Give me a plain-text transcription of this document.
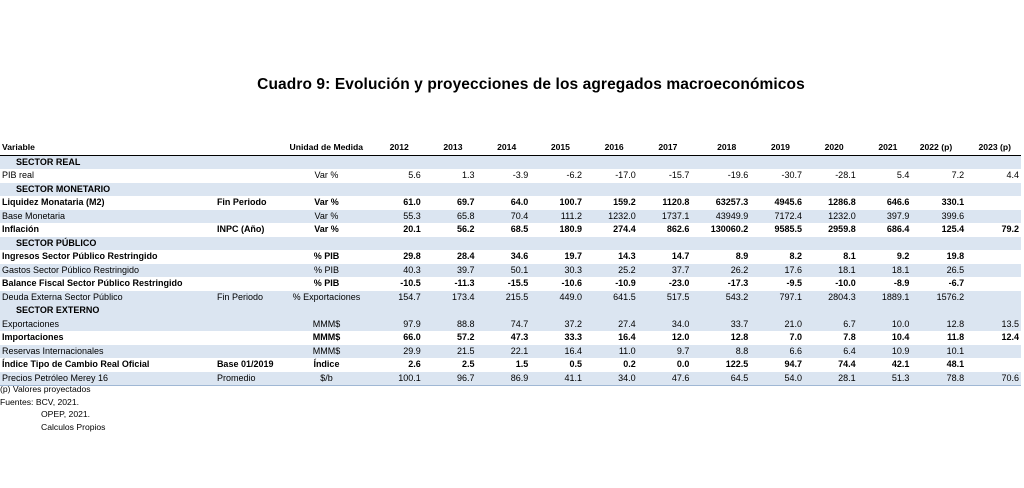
Cuadro 9: Evolución y proyecciones de los agregados macroeconómicos
Variable		Unidad de Medida	2012	2013	2014	2015	2016	2017	2018	2019	2020	2021	2022 (p)	2023 (p)
SECTOR REAL														
PIB real		Var %	5.6	1.3	-3.9	-6.2	-17.0	-15.7	-19.6	-30.7	-28.1	5.4	7.2	4.4
SECTOR MONETARIO														
Liquidez Monataria (M2)	Fin Periodo	Var %	61.0	69.7	64.0	100.7	159.2	1120.8	63257.3	4945.6	1286.8	646.6	330.1	
Base Monetaria		Var %	55.3	65.8	70.4	111.2	1232.0	1737.1	43949.9	7172.4	1232.0	397.9	399.6	
Inflación	INPC (Año)	Var %	20.1	56.2	68.5	180.9	274.4	862.6	130060.2	9585.5	2959.8	686.4	125.4	79.2
SECTOR PÚBLICO														
Ingresos Sector Público Restringido		% PIB	29.8	28.4	34.6	19.7	14.3	14.7	8.9	8.2	8.1	9.2	19.8	
Gastos Sector Público Restringido		% PIB	40.3	39.7	50.1	30.3	25.2	37.7	26.2	17.6	18.1	18.1	26.5	
Balance Fiscal Sector Público Restringido		% PIB	-10.5	-11.3	-15.5	-10.6	-10.9	-23.0	-17.3	-9.5	-10.0	-8.9	-6.7	
Deuda Externa Sector Público	Fin Periodo	% Exportaciones	154.7	173.4	215.5	449.0	641.5	517.5	543.2	797.1	2804.3	1889.1	1576.2	
SECTOR EXTERNO														
Exportaciones		MMM$	97.9	88.8	74.7	37.2	27.4	34.0	33.7	21.0	6.7	10.0	12.8	13.5
Importaciones		MMM$	66.0	57.2	47.3	33.3	16.4	12.0	12.8	7.0	7.8	10.4	11.8	12.4
Reservas Internacionales		MMM$	29.9	21.5	22.1	16.4	11.0	9.7	8.8	6.6	6.4	10.9	10.1	
Índice Tipo de Cambio Real Oficial	Base 01/2019	Índice	2.6	2.5	1.5	0.5	0.2	0.0	122.5	94.7	74.4	42.1	48.1	
Precios Petróleo Merey 16	Promedio	$/b	100.1	96.7	86.9	41.1	34.0	47.6	64.5	54.0	28.1	51.3	78.8	70.6
(p) Valores proyectados
Fuentes: BCV, 2021.
OPEP, 2021.
Calculos Propios
